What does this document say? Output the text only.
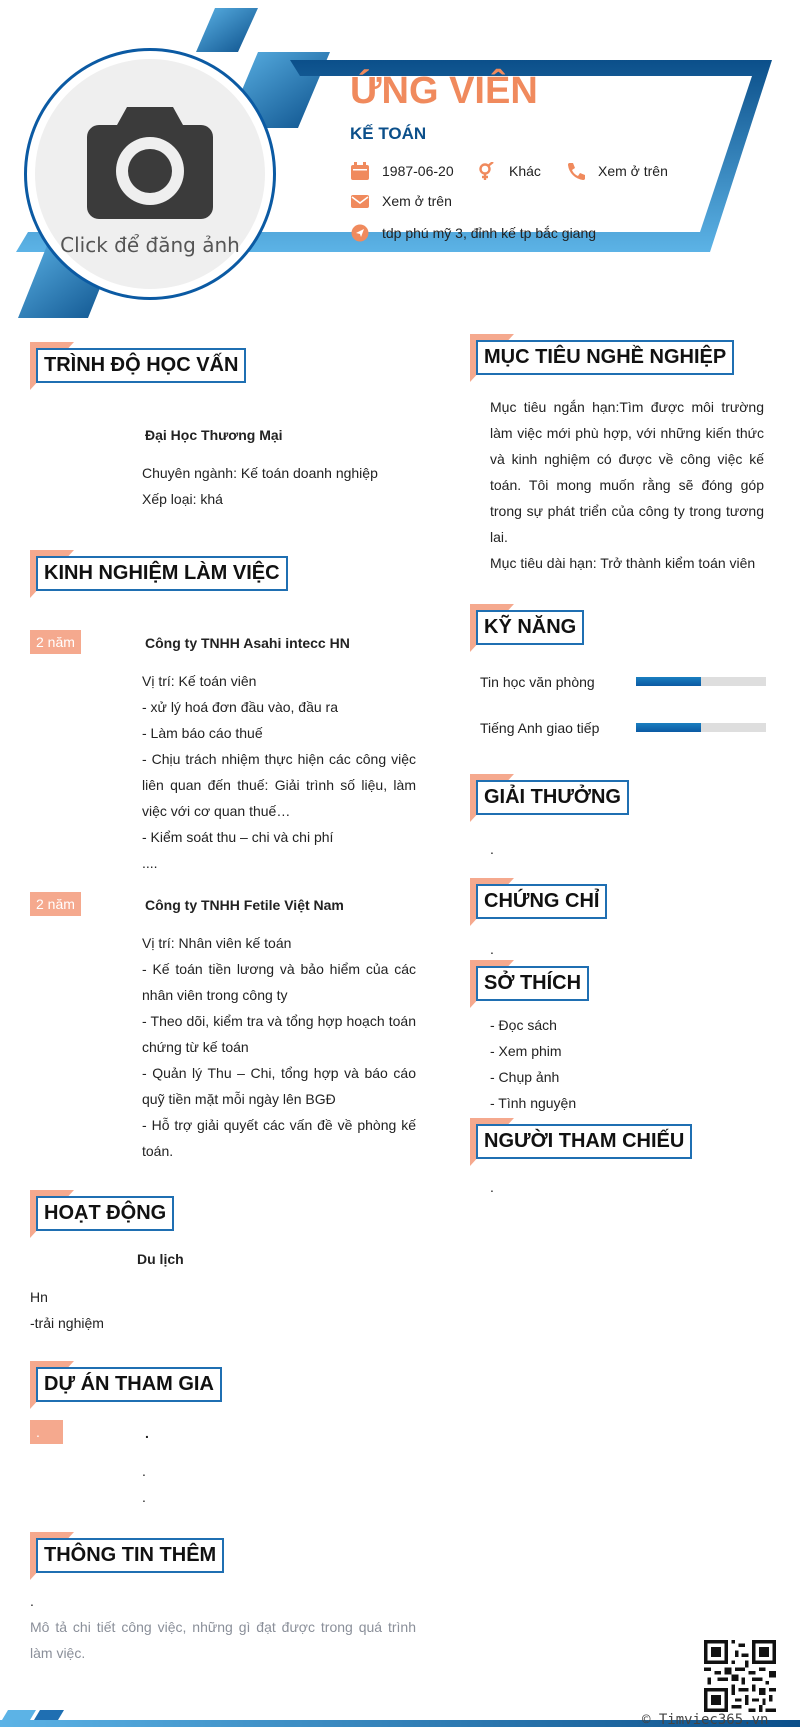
Click để đăng ảnh
ỨNG VIÊN
KẾ TOÁN
1987-06-20	Khác	Xem ở trên
Xem ở trên
tdp phú mỹ 3, đỉnh kế tp bắc giang
TRÌNH ĐỘ HỌC VẤN
Đại Học Thương Mại
Chuyên ngành: Kế toán doanh nghiệp
Xếp loại: khá
KINH NGHIỆM LÀM VIỆC
2 năm	Công ty TNHH Asahi intecc HN
Vị trí: Kế toán viên
- xử lý hoá đơn đầu vào, đầu ra
- Làm báo cáo thuế
- Chịu trách nhiệm thực hiện các công việc liên quan đến thuế: Giải trình số liệu, làm việc với cơ quan thuế…
- Kiểm soát thu – chi và chi phí
....
2 năm	Công ty TNHH Fetile Việt Nam
Vị trí: Nhân viên kế toán
- Kế toán tiền lương và bảo hiểm của các nhân viên trong công ty
- Theo dõi, kiểm tra và tổng hợp hoạch toán chứng từ kế toán
- Quản lý Thu – Chi, tổng hợp và báo cáo quỹ tiền mặt mỗi ngày lên BGĐ
- Hỗ trợ giải quyết các vấn đề về phòng kế toán.
HOẠT ĐỘNG
Du lịch
Hn
-trải nghiệm
DỰ ÁN THAM GIA
.	.
.
.
THÔNG TIN THÊM
.
Mô tả chi tiết công việc, những gì đạt được trong quá trình làm việc.
MỤC TIÊU NGHỀ NGHIỆP
Mục tiêu ngắn hạn:Tìm được môi trường làm việc mới phù hợp, với những kiến thức và kinh nghiệm có được về công việc kế toán. Tôi mong muốn rằng sẽ đóng góp trong sự phát triển của công ty trong tương lai.
Mục tiêu dài hạn: Trở thành kiểm toán viên
KỸ NĂNG
Tin học văn phòng
Tiếng Anh giao tiếp
GIẢI THƯỞNG
.
CHỨNG CHỈ
.
SỞ THÍCH
- Đọc sách
- Xem phim
- Chụp ảnh
- Tình nguyện
NGƯỜI THAM CHIẾU
.
© Timviec365.vn
